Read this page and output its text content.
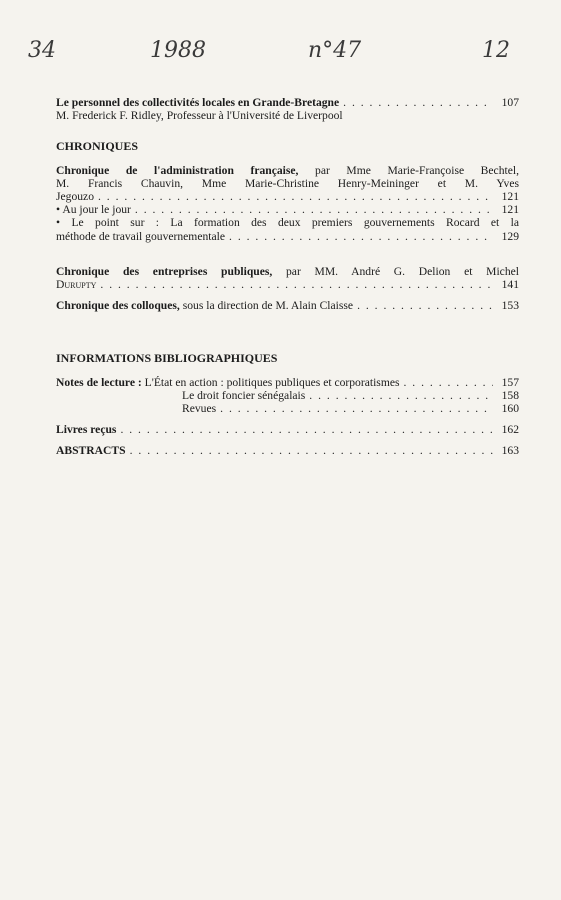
34	1988	n°47	12
Le personnel des collectivités locales en Grande-Bretagne . . .	107
M. Frederick F. Ridley, Professeur à l'Université de Liverpool
CHRONIQUES
Chronique de l'administration française, par Mme Marie-Françoise Bechtel,
M. Francis Chauvin, Mme Marie-Christine Henry-Meininger et M. Yves
Jegouzo . . .	121
• Au jour le jour . . .	121
• Le point sur : La formation des deux premiers gouvernements Rocard et la
méthode de travail gouvernementale . . .	129
Chronique des entreprises publiques, par MM. André G. Delion et Michel
Durupty . . .	141
Chronique des colloques,
sous la direction de M. Alain Claisse . . .	153
INFORMATIONS BIBLIOGRAPHIQUES
Notes de lecture :
L'État en action : politiques publiques et corporatismes . . .	157
Le droit foncier sénégalais . . .	158
Revues . . .	160
Livres reçus . . .	162
ABSTRACTS . . .	163
